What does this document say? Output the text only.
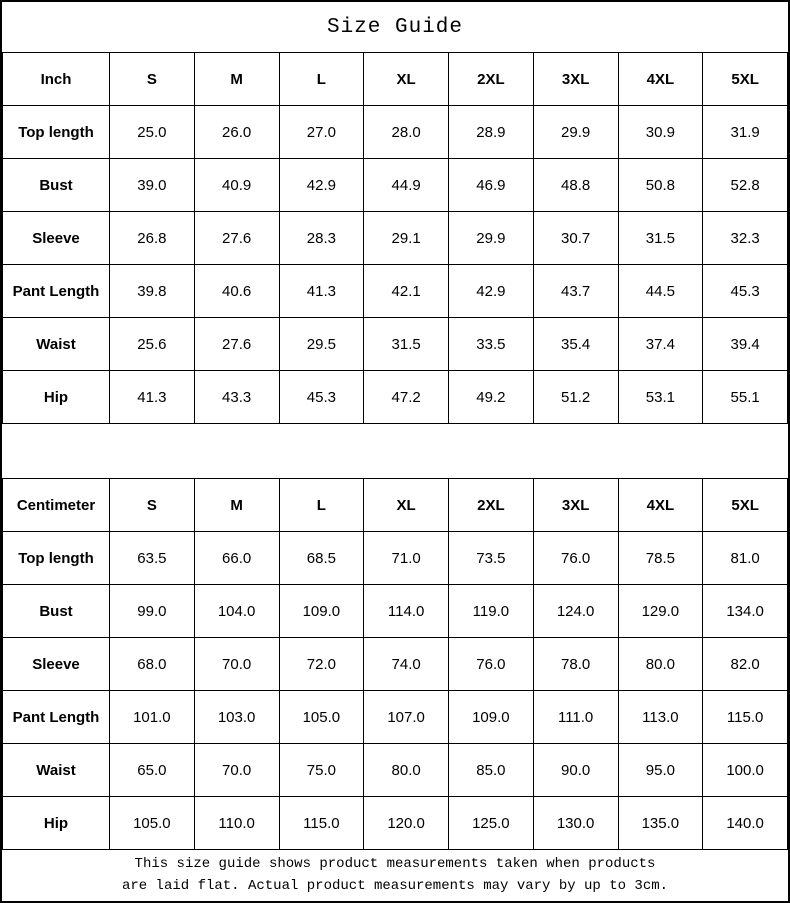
Size Guide
Inch	S	M	L	XL	2XL	3XL	4XL	5XL
Top length	25.0	26.0	27.0	28.0	28.9	29.9	30.9	31.9
Bust	39.0	40.9	42.9	44.9	46.9	48.8	50.8	52.8
Sleeve	26.8	27.6	28.3	29.1	29.9	30.7	31.5	32.3
Pant Length	39.8	40.6	41.3	42.1	42.9	43.7	44.5	45.3
Waist	25.6	27.6	29.5	31.5	33.5	35.4	37.4	39.4
Hip	41.3	43.3	45.3	47.2	49.2	51.2	53.1	55.1
Centimeter	S	M	L	XL	2XL	3XL	4XL	5XL
Top length	63.5	66.0	68.5	71.0	73.5	76.0	78.5	81.0
Bust	99.0	104.0	109.0	114.0	119.0	124.0	129.0	134.0
Sleeve	68.0	70.0	72.0	74.0	76.0	78.0	80.0	82.0
Pant Length	101.0	103.0	105.0	107.0	109.0	111.0	113.0	115.0
Waist	65.0	70.0	75.0	80.0	85.0	90.0	95.0	100.0
Hip	105.0	110.0	115.0	120.0	125.0	130.0	135.0	140.0
This size guide shows product measurements taken when products
are laid flat. Actual product measurements may vary by up to 3cm.
